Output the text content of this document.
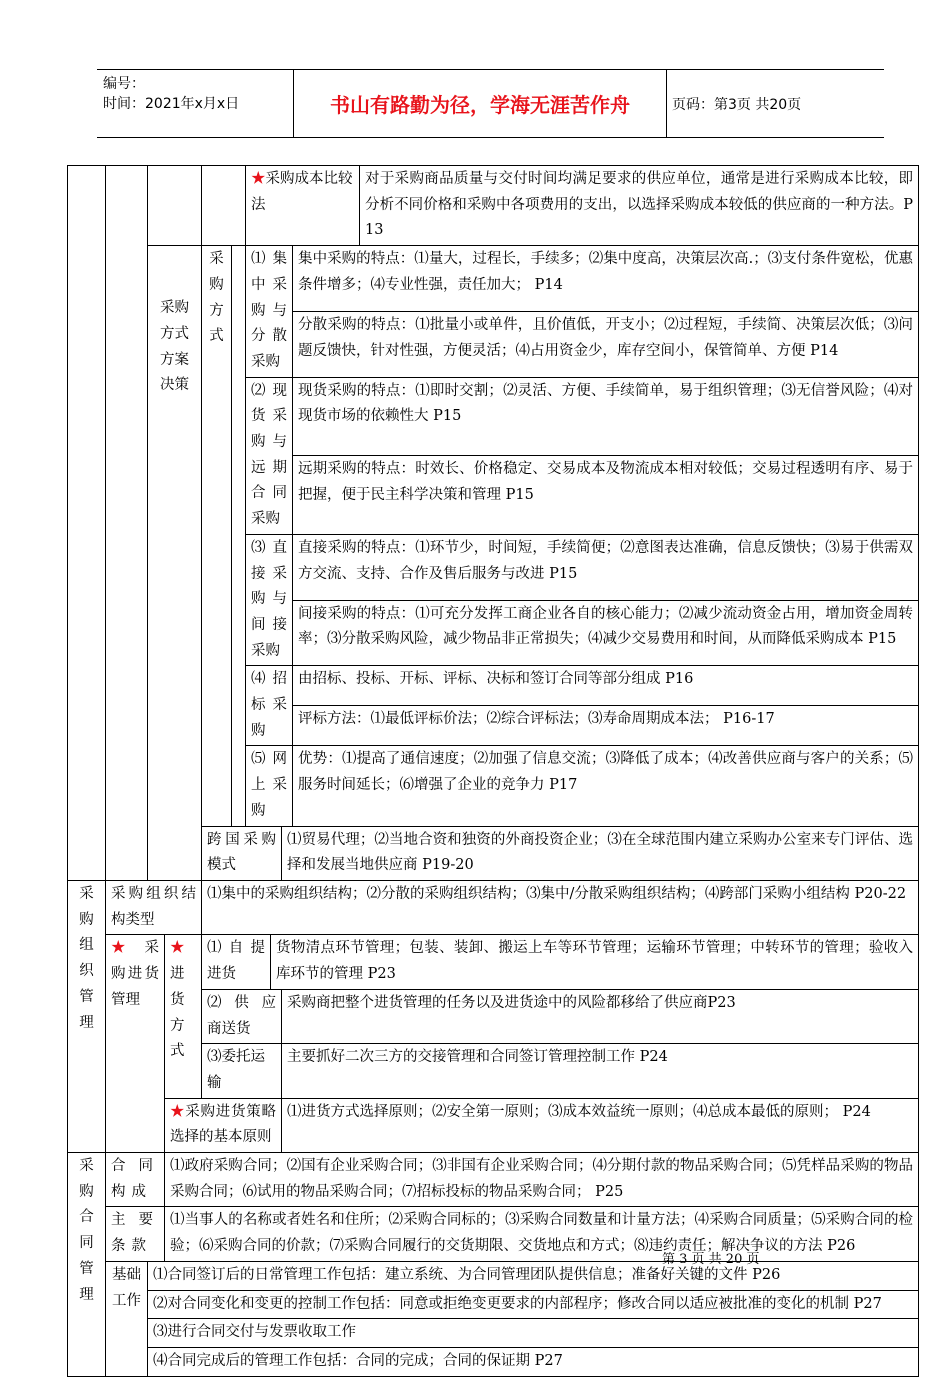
编号：
时间：2021年x月x日	书山有路勤为径，学海无涯苦作舟	页码：第3页 共20页
						★采购成本比较法				对于采购商品质量与交付时间均满足要求的供应单位，通常是进行采购成本比较，即分析不同价格和采购中各项费用的支出，以选择采购成本较低的供应商的一种方法。P13
		采购方式方案决策		采购方式		⑴ 集 中采购与分散采购			集中采购的特点：⑴量大，过程长，手续多；⑵集中度高，决策层次高.；⑶支付条件宽松，优惠条件增多；⑷专业性强，责任加大； P14	
									分散采购的特点：⑴批量小或单件，且价值低，开支小；⑵过程短，手续简、决策层次低；⑶问题反馈快，针对性强，方便灵活；⑷占用资金少，库存空间小，保管简单、方便 P14	
						⑵ 现 货采购与远期合同采购			现货采购的特点：⑴即时交割；⑵灵活、方便、手续简单，易于组织管理；⑶无信誉风险；⑷对现货市场的依赖性大 P15	
									远期采购的特点：时效长、价格稳定、交易成本及物流成本相对较低；交易过程透明有序、易于把握，便于民主科学决策和管理 P15	
						⑶ 直 接采购与间接采购			直接采购的特点：⑴环节少，时间短，手续简便；⑵意图表达准确，信息反馈快；⑶易于供需双方交流、支持、合作及售后服务与改进 P15	
									间接采购的特点：⑴可充分发挥工商企业各自的核心能力；⑵减少流动资金占用，增加资金周转率；⑶分散采购风险，减少物品非正常损失；⑷减少交易费用和时间，从而降低采购成本 P15	
						⑷ 招 标采购			由招标、投标、开标、评标、决标和签订合同等部分组成 P16	
									评标方法：⑴最低评标价法；⑵综合评标法；⑶寿命周期成本法； P16-17	
						⑸ 网 上采购			优势：⑴提高了通信速度；⑵加强了信息交流；⑶降低了成本；⑷改善供应商与客户的关系；⑸服务时间延长；⑹增强了企业的竞争力 P17	
				跨国采购模式				⑴贸易代理；⑵当地合资和独资的外商投资企业；⑶在全球范围内建立采购办公室来专门评估、选择和发展当地供应商 P19-20		

采购组织管理	采购组织结构类型			⑴集中的采购组织结构；⑵分散的采购组织结构；⑶集中/分散采购组织结构；⑷跨部门采购小组结构 P20-22						
	★ 采购进货管理		★ 进货方式	⑴ 自 提进货			货物清点环节管理；包装、装卸、搬运上车等环节管理；运输环节管理；中转环节的管理；验收入库环节的管理 P23			
				⑵ 供 应 商送货				采购商把整个进货管理的任务以及进货途中的风险都移给了供应商P23		
				⑶委托运输				主要抓好二次三方的交接管理和合同签订管理控制工作 P24		
			★采购进货策略选择的基本原则					⑴进货方式选择原则；⑵安全第一原则；⑶成本效益统一原则；⑷总成本最低的原则； P24		
采购合同管理	合同构成		⑴政府采购合同；⑵国有企业采购合同；⑶非国有企业采购合同；⑷分期付款的物品采购合同；⑸凭样品采购的物品采购合同；⑹试用的物品采购合同；⑺招标投标的物品采购合同； P25							
	主要条款		⑴当事人的名称或者姓名和住所；⑵采购合同标的；⑶采购合同数量和计量方法；⑷采购合同质量；⑸采购合同的检验；⑹采购合同的价款；⑺采购合同履行的交货期限、交货地点和方式；⑻违约责任；解决争议的方法 P26							
	基础工作	⑴合同签订后的日常管理工作包括：建立系统、为合同管理团队提供信息；准备好关键的文件 P26								
		⑵对合同变化和变更的控制工作包括：同意或拒绝变更要求的内部程序；修改合同以适应被批准的变化的机制 P27								
		⑶进行合同交付与发票收取工作								
		⑷合同完成后的管理工作包括：合同的完成；合同的保证期 P27								
第 3 页 共 20 页
